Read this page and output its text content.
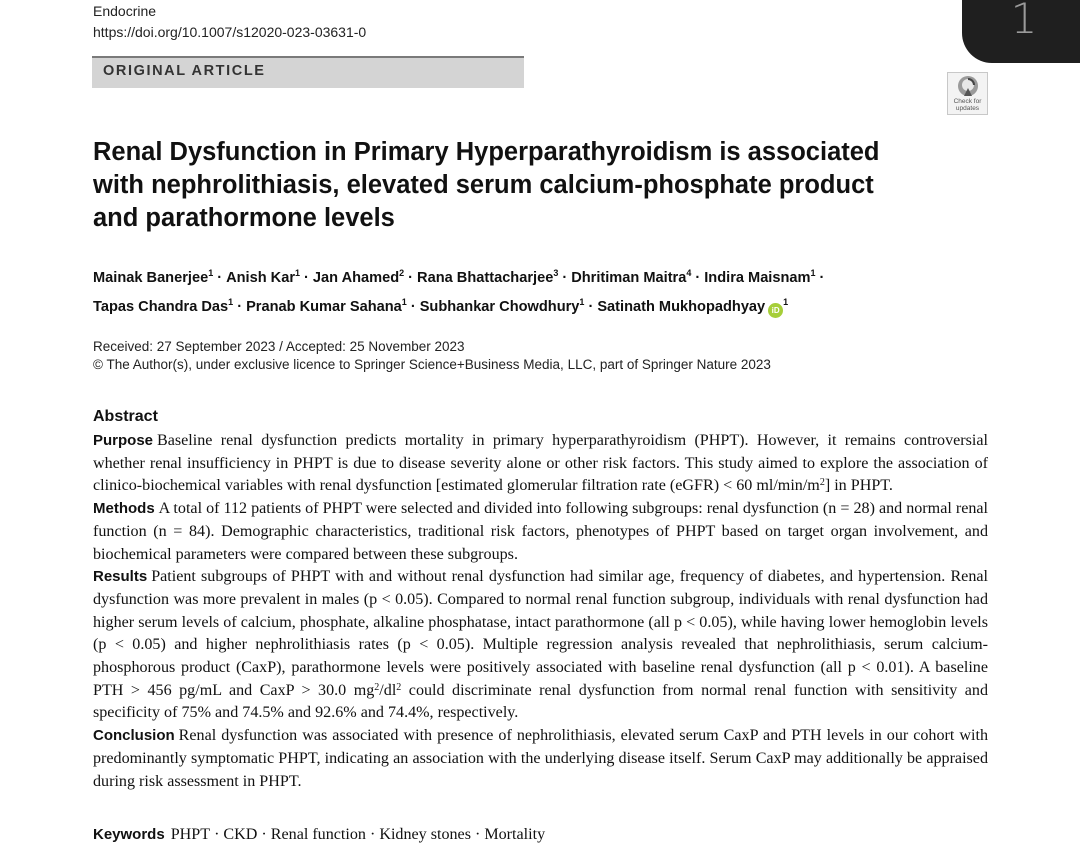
Endocrine
https://doi.org/10.1007/s12020-023-03631-0	1
ORIGINAL ARTICLE
Check for
updates
Renal Dysfunction in Primary Hyperparathyroidism is associated with nephrolithiasis, elevated serum calcium-phosphate product and parathormone levels
Mainak Banerjee$^1$ · Anish Kar$^1$ · Jan Ahamed$^2$ · Rana Bhattacharjee$^3$ · Dhritiman Maitra$^4$ · Indira Maisnam$^1$ ·
Tapas Chandra Das$^1$ · Pranab Kumar Sahana$^1$ · Subhankar Chowdhury$^1$ · Satinath Mukhopadhyay $iD^1$
Received: 27 September 2023 / Accepted: 25 November 2023
© The Author(s), under exclusive licence to Springer Science+Business Media, LLC, part of Springer Nature 2023
Abstract

Purpose Baseline renal dysfunction predicts mortality in primary hyperparathyroidism (PHPT). However, it remains controversial whether renal insufficiency in PHPT is due to disease severity alone or other risk factors. This study aimed to explore the association of clinico-biochemical variables with renal dysfunction [estimated glomerular filtration rate (eGFR) < 60 $ml/\min/m^2$] in PHPT.

Methods A total of 112 patients of PHPT were selected and divided into following subgroups: renal dysfunction (n = 28) and normal renal function (n = 84). Demographic characteristics, traditional risk factors, phenotypes of PHPT based on target organ involvement, and biochemical parameters were compared between these subgroups.

Results Patient subgroups of PHPT with and without renal dysfunction had similar age, frequency of diabetes, and hypertension. Renal dysfunction was more prevalent in males (p < 0.05). Compared to normal renal function subgroup, individuals with renal dysfunction had higher serum levels of calcium, phosphate, alkaline phosphatase, intact parathormone (all p < 0.05), while having lower hemoglobin levels (p < 0.05) and higher nephrolithiasis rates (p < 0.05). Multiple regression analysis revealed that nephrolithiasis, serum calcium-phosphorous product (CaxP), parathormone levels were positively associated with baseline renal dysfunction (all p < 0.01). A baseline PTH > 456 pg/mL and CaxP > 30.0 $mg^2/dl^2$ could discriminate renal dysfunction from normal renal function with sensitivity and specificity of 75% and 74.5% and 92.6% and 74.4%, respectively.

Conclusion Renal dysfunction was associated with presence of nephrolithiasis, elevated serum CaxP and PTH levels in our cohort with predominantly symptomatic PHPT, indicating an association with the underlying disease itself. Serum CaxP may additionally be appraised during risk assessment in PHPT.

Keywords PHPT · CKD · Renal function · Kidney stones · Mortality
